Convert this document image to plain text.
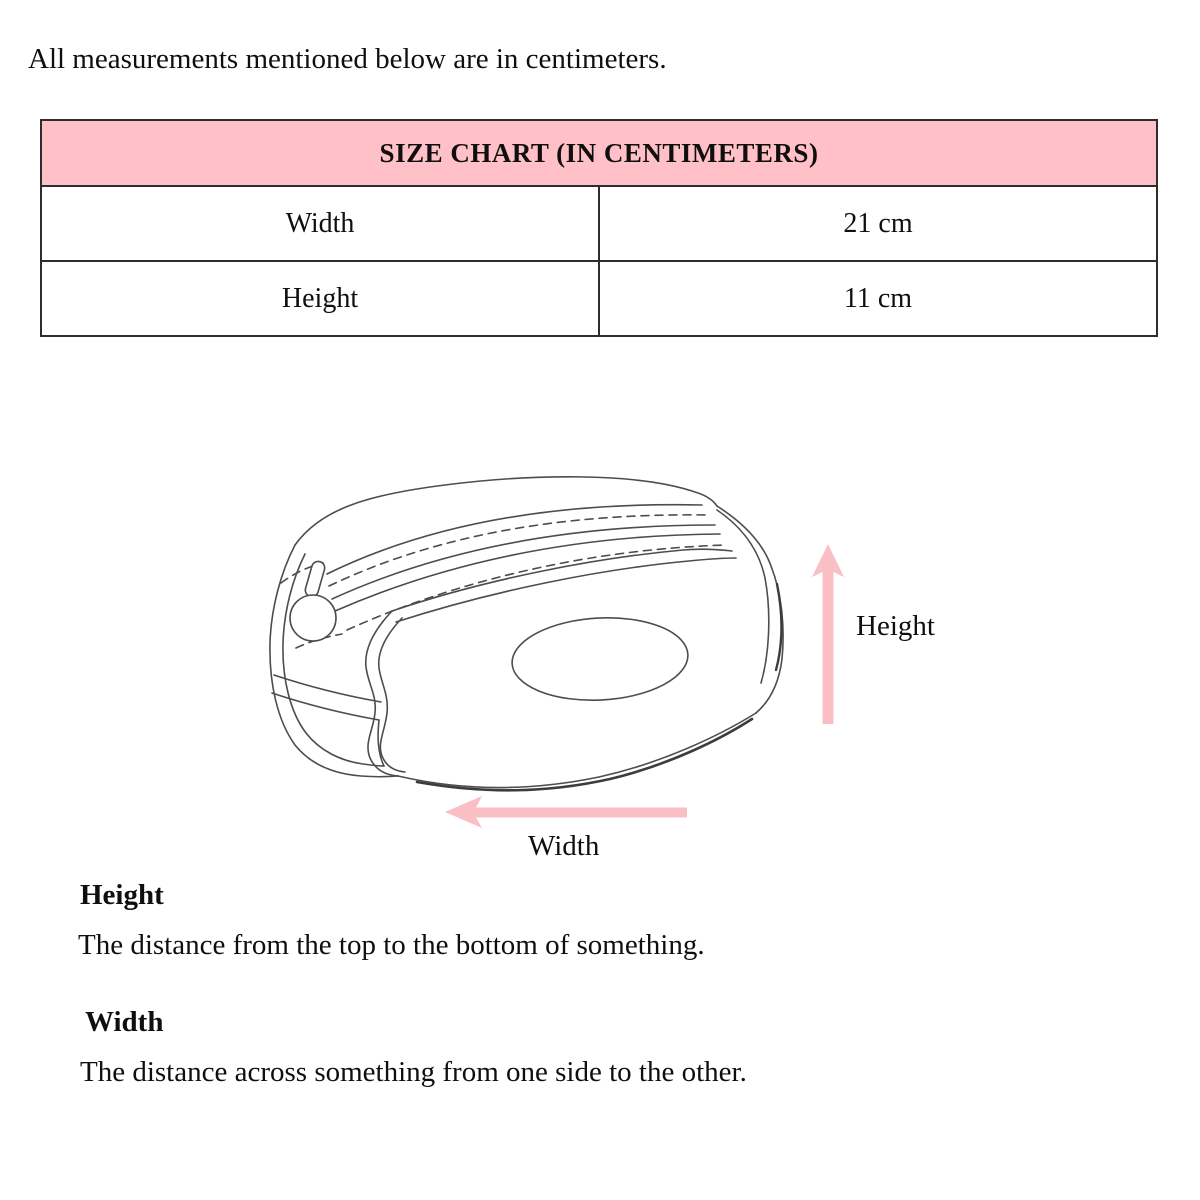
All measurements mentioned below are in centimeters.
SIZE CHART (IN CENTIMETERS)	
Width	21 cm
Height	11 cm
Height
Width
Height
The distance from the top to the bottom of something.
Width
The distance across something from one side to the other.
